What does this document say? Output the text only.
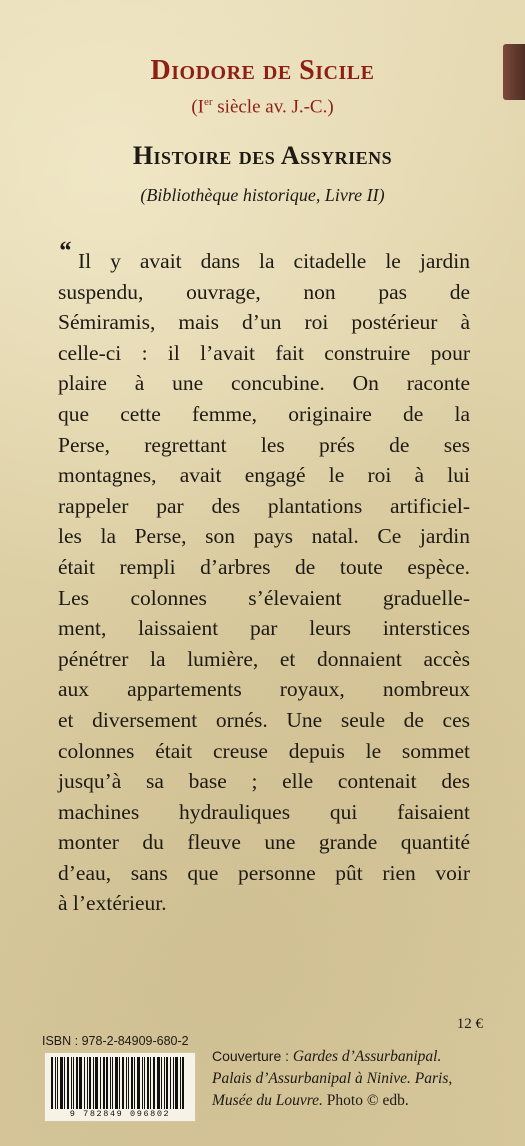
Diodore de Sicile
(Ier siècle av. J.-C.)
Histoire des Assyriens
(Bibliothèque historique, Livre II)
“ Il y avait dans la citadelle le jardin
suspendu, ouvrage, non pas de
Sémiramis, mais d’un roi postérieur à
celle-ci : il l’avait fait construire pour
plaire à une concubine. On raconte
que cette femme, originaire de la
Perse, regrettant les prés de ses
montagnes, avait engagé le roi à lui
rappeler par des plantations artificiel-
les la Perse, son pays natal. Ce jardin
était rempli d’arbres de toute espèce.
Les colonnes s’élevaient graduelle-
ment, laissaient par leurs interstices
pénétrer la lumière, et donnaient accès
aux appartements royaux, nombreux
et diversement ornés. Une seule de ces
colonnes était creuse depuis le sommet
jusqu’à sa base ; elle contenait des
machines hydrauliques qui faisaient
monter du fleuve une grande quantité
d’eau, sans que personne pût rien voir
à l’extérieur.
12 €
ISBN : 978-2-84909-680-2
9 782849 096802
Couverture : Gardes d’Assurbanipal.
Palais d’Assurbanipal à Ninive. Paris,
Musée du Louvre. Photo © edb.
